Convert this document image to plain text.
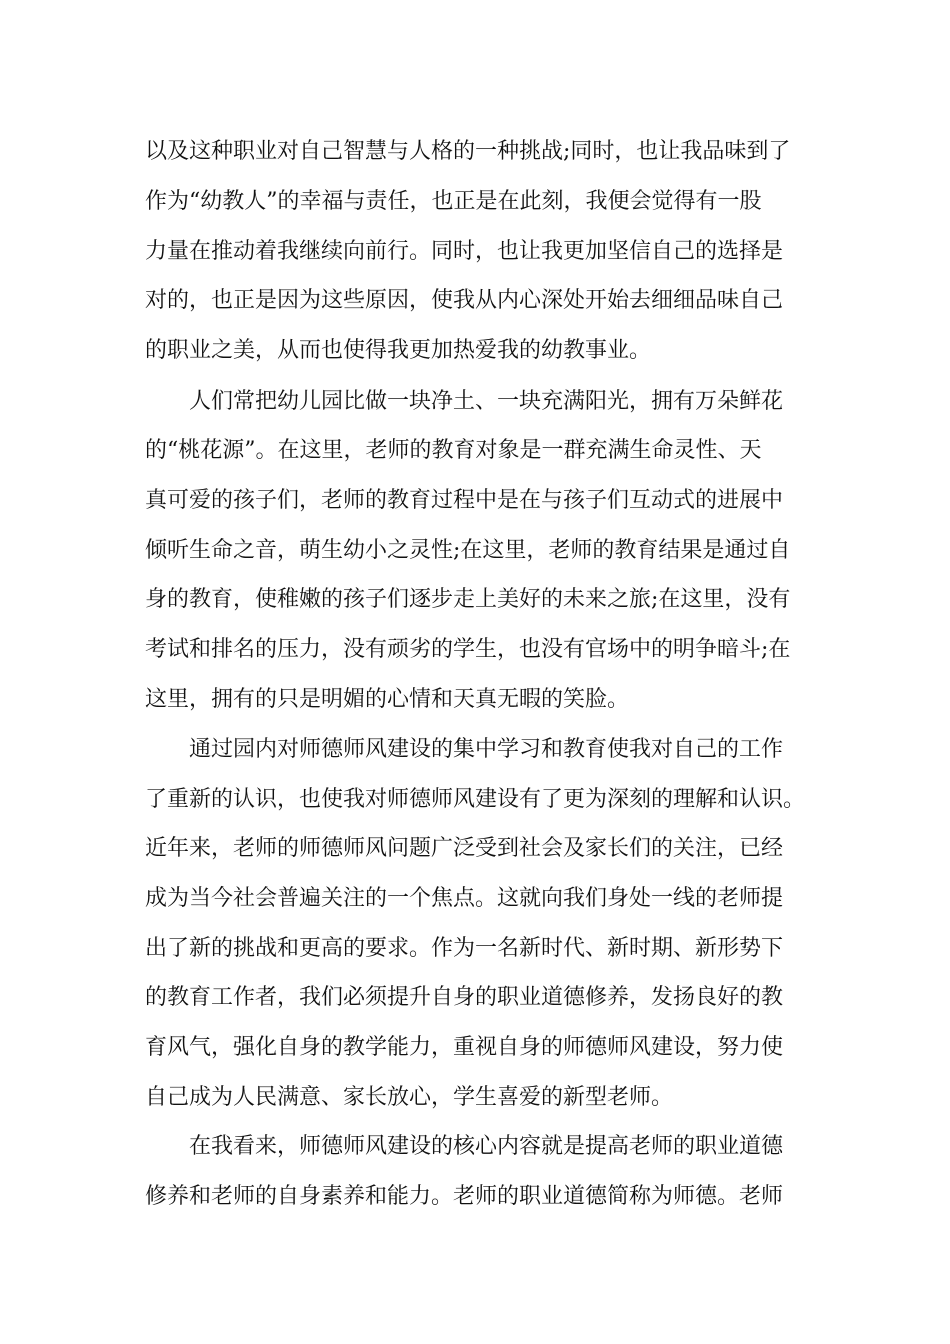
以及这种职业对自己智慧与人格的一种挑战;同时，也让我品味到了
作为“幼教人”的幸福与责任，也正是在此刻，我便会觉得有一股
力量在推动着我继续向前行。同时，也让我更加坚信自己的选择是
对的，也正是因为这些原因，使我从内心深处开始去细细品味自己
的职业之美，从而也使得我更加热爱我的幼教事业。
人们常把幼儿园比做一块净土、一块充满阳光，拥有万朵鲜花
的“桃花源”。在这里，老师的教育对象是一群充满生命灵性、天
真可爱的孩子们，老师的教育过程中是在与孩子们互动式的进展中
倾听生命之音，萌生幼小之灵性;在这里，老师的教育结果是通过自
身的教育，使稚嫩的孩子们逐步走上美好的未来之旅;在这里，没有
考试和排名的压力，没有顽劣的学生，也没有官场中的明争暗斗;在
这里，拥有的只是明媚的心情和天真无暇的笑脸。
通过园内对师德师风建设的集中学习和教育使我对自己的工作
了重新的认识，也使我对师德师风建设有了更为深刻的理解和认识。
近年来，老师的师德师风问题广泛受到社会及家长们的关注，已经
成为当今社会普遍关注的一个焦点。这就向我们身处一线的老师提
出了新的挑战和更高的要求。作为一名新时代、新时期、新形势下
的教育工作者，我们必须提升自身的职业道德修养，发扬良好的教
育风气，强化自身的教学能力，重视自身的师德师风建设，努力使
自己成为人民满意、家长放心，学生喜爱的新型老师。
在我看来，师德师风建设的核心内容就是提高老师的职业道德
修养和老师的自身素养和能力。老师的职业道德简称为师德。老师
